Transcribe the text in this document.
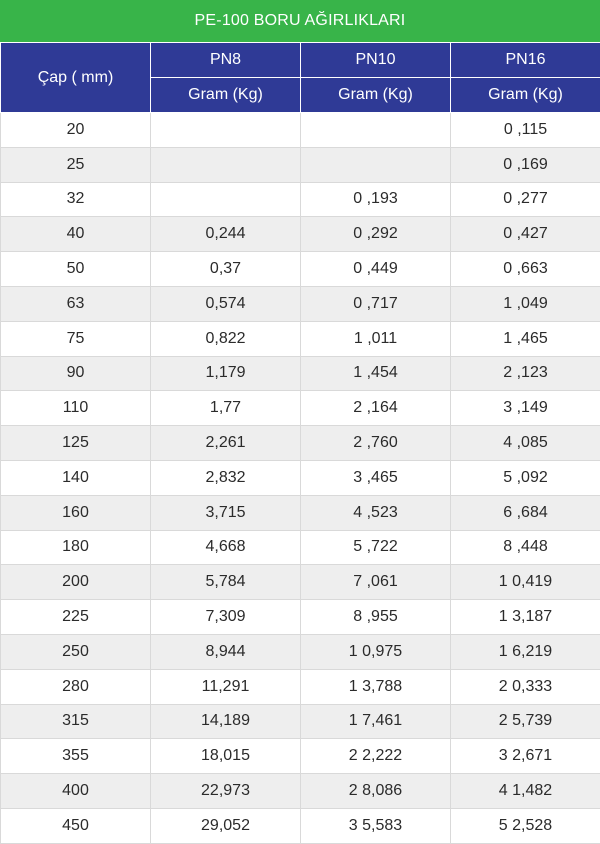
PE-100 BORU AĞIRLIKLARI
Çap ( mm)	PN8	PN10	PN16
	Gram (Kg)	Gram (Kg)	Gram (Kg)
20			0 ,115
25			0 ,169
32		0 ,193	0 ,277
40	0,244	0 ,292	0 ,427
50	0,37	0 ,449	0 ,663
63	0,574	0 ,717	1 ,049
75	0,822	1 ,011	1 ,465
90	1,179	1 ,454	2 ,123
110	1,77	2 ,164	3 ,149
125	2,261	2 ,760	4 ,085
140	2,832	3 ,465	5 ,092
160	3,715	4 ,523	6 ,684
180	4,668	5 ,722	8 ,448
200	5,784	7 ,061	1 0,419
225	7,309	8 ,955	1 3,187
250	8,944	1 0,975	1 6,219
280	11,291	1 3,788	2 0,333
315	14,189	1 7,461	2 5,739
355	18,015	2 2,222	3 2,671
400	22,973	2 8,086	4 1,482
450	29,052	3 5,583	5 2,528
